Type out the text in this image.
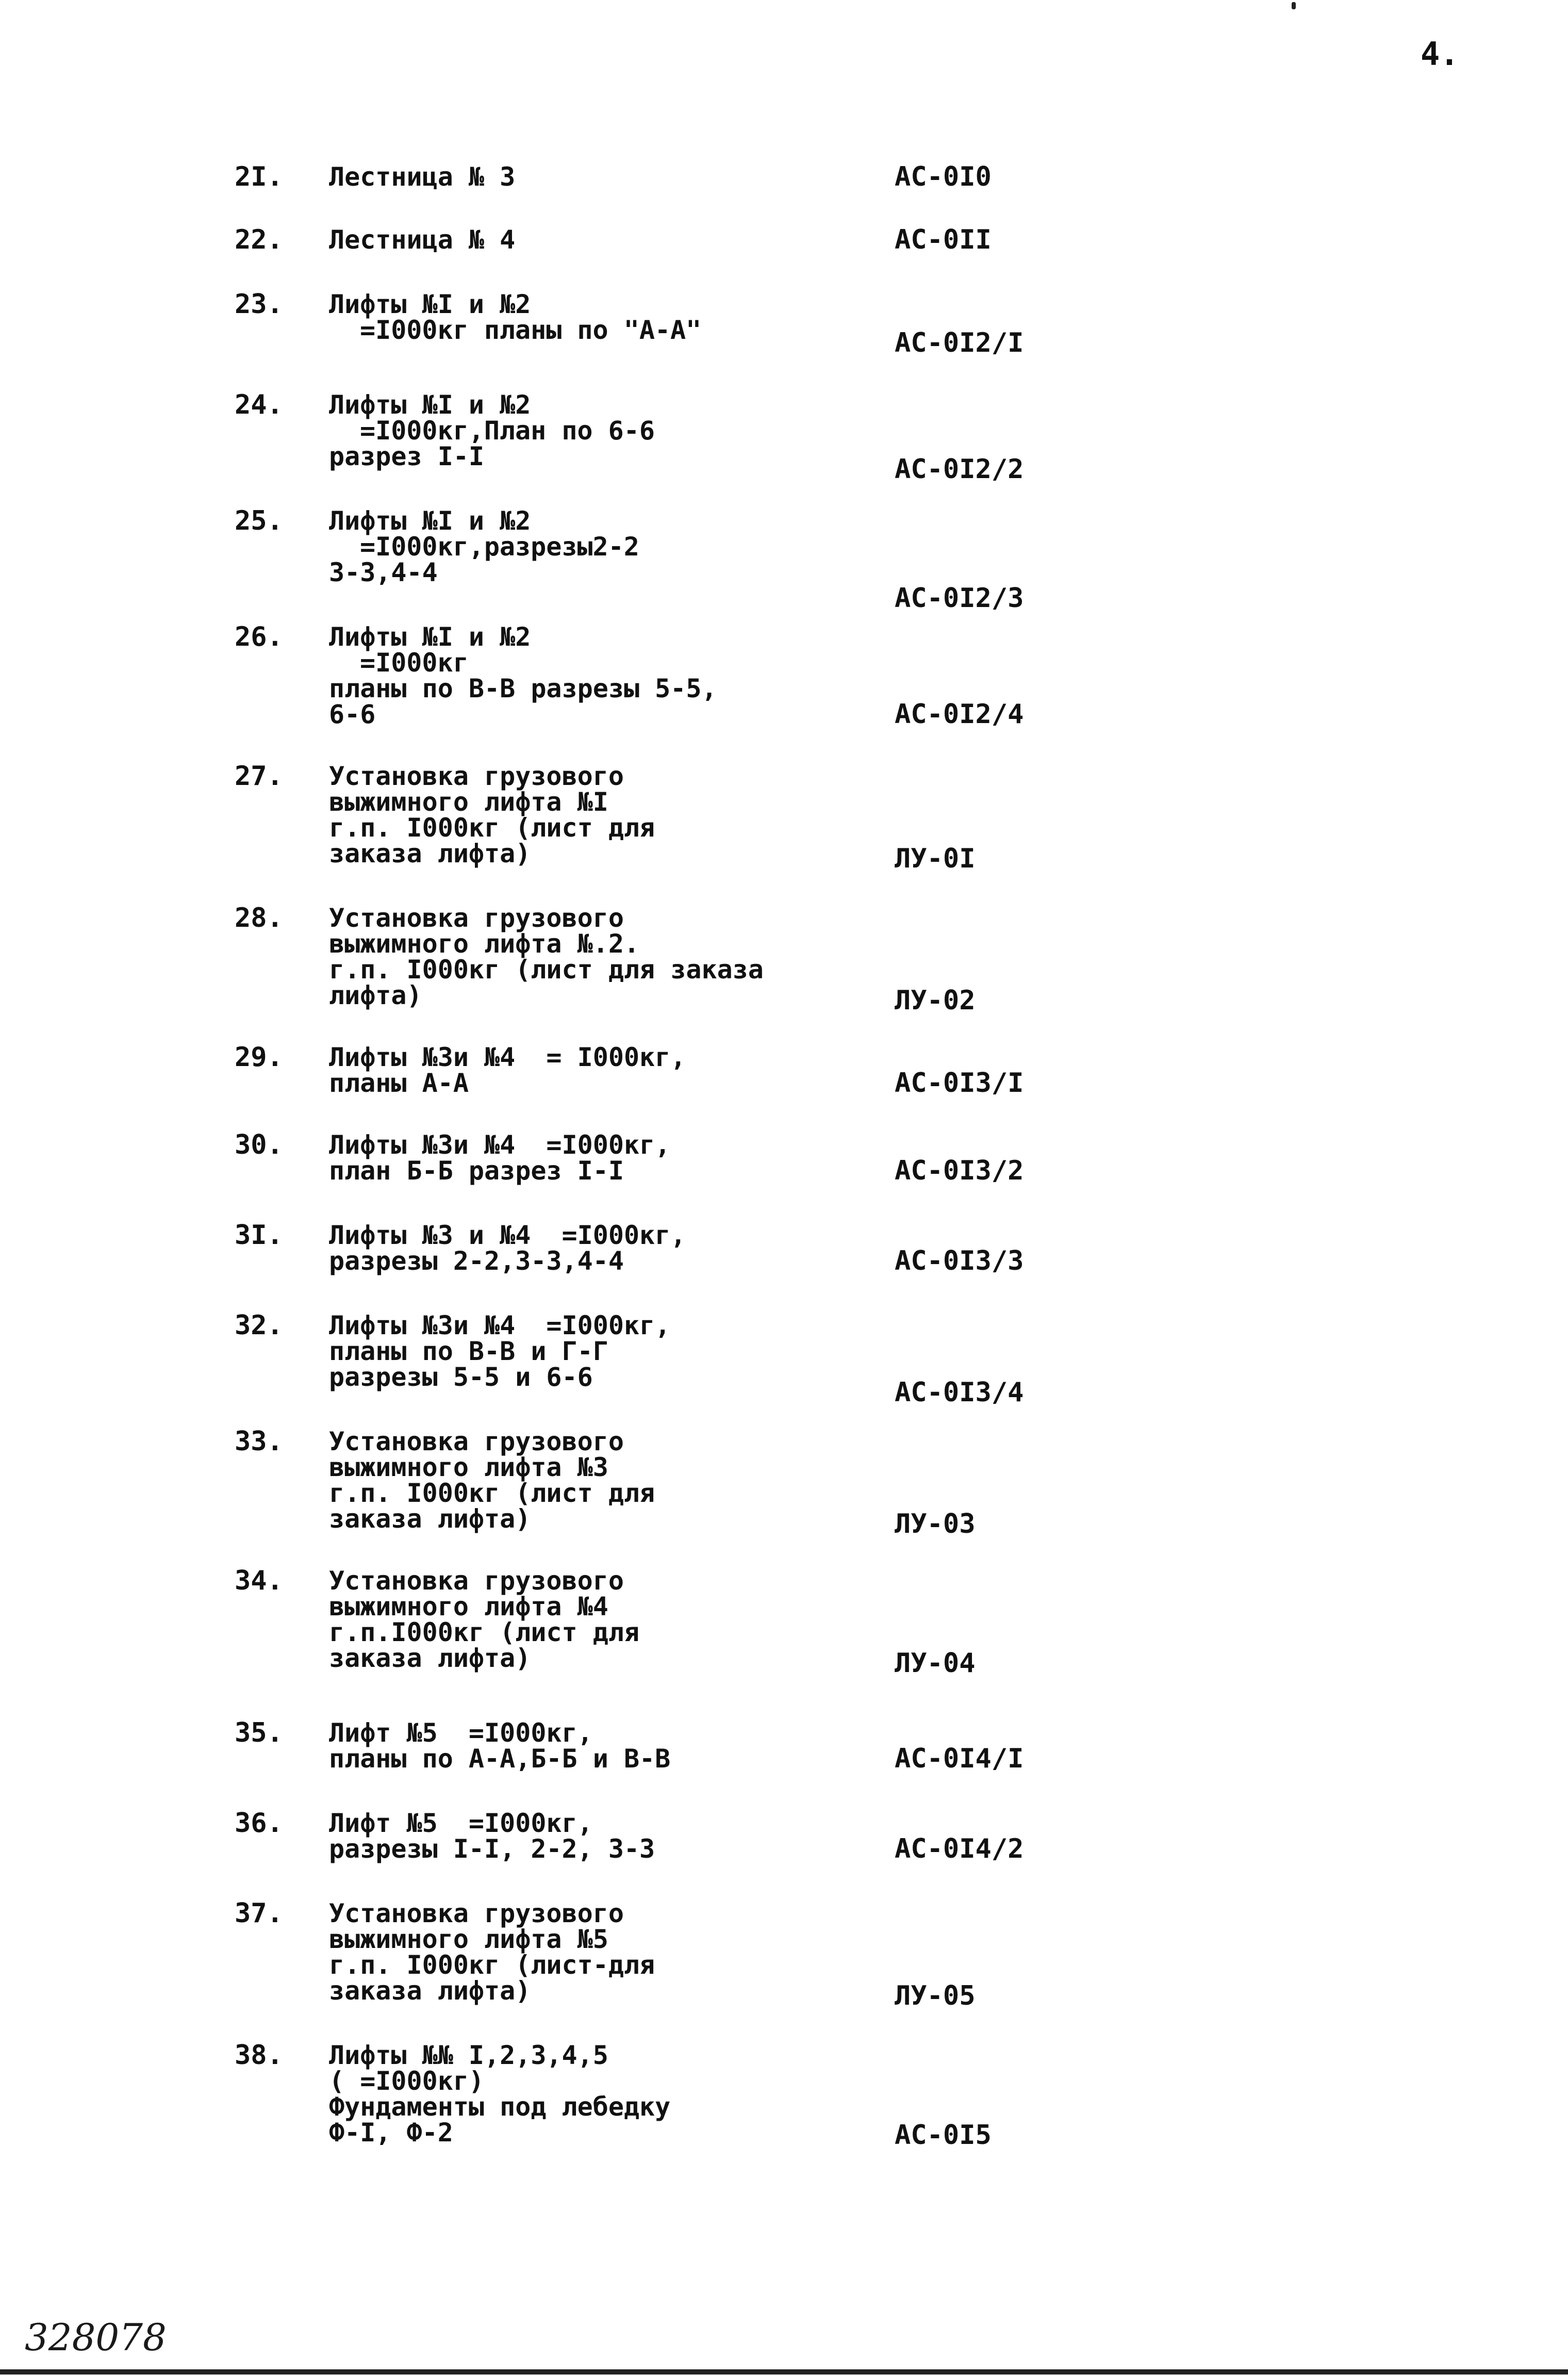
4.
2I. Лестница № 3	АС-0I0
22. Лестница № 4	АС-0II
23. Лифты №I и №2
=I000кг планы по "А-А"	АС-0I2/I
24. Лифты №I и №2
=I000кг,План по 6-6
разрез I-I	АС-0I2/2
25. Лифты №I и №2
=I000кг,разрезы2-2
3-3,4-4
АС-0I2/3
26. Лифты №I и №2
=I000кг
планы по В-В разрезы 5-5,
6-6	АС-0I2/4
27. Установка грузового
выжимного лифта №I
г.п. I000кг (лист для
заказа лифта)	ЛУ-0I
28. Установка грузового
выжимного лифта №.2.
г.п. I000кг (лист для заказа
лифта)	ЛУ-02
29. Лифты №3и №4  = I000кг,
планы А-А	АС-0I3/I
30. Лифты №3и №4  =I000кг,
план Б-Б разрез I-I	АС-0I3/2
3I. Лифты №3 и №4  =I000кг,
разрезы 2-2,3-3,4-4	АС-0I3/3
32. Лифты №3и №4  =I000кг,
планы по В-В и Г-Г
разрезы 5-5 и 6-6	АС-0I3/4
33. Установка грузового
выжимного лифта №3
г.п. I000кг (лист для
заказа лифта)	ЛУ-03
34. Установка грузового
выжимного лифта №4
г.п.I000кг (лист для
заказа лифта)	ЛУ-04
35. Лифт №5  =I000кг,
планы по А-А,Б-Б и В-В	АС-0I4/I
36. Лифт №5  =I000кг,
разрезы I-I, 2-2, 3-3	АС-0I4/2
37. Установка грузового
выжимного лифта №5
г.п. I000кг (лист-для
заказа лифта)	ЛУ-05
38. Лифты №№ I,2,3,4,5
( =I000кг)
Фундаменты под лебедку
Ф-I, Ф-2	АС-0I5
328078
